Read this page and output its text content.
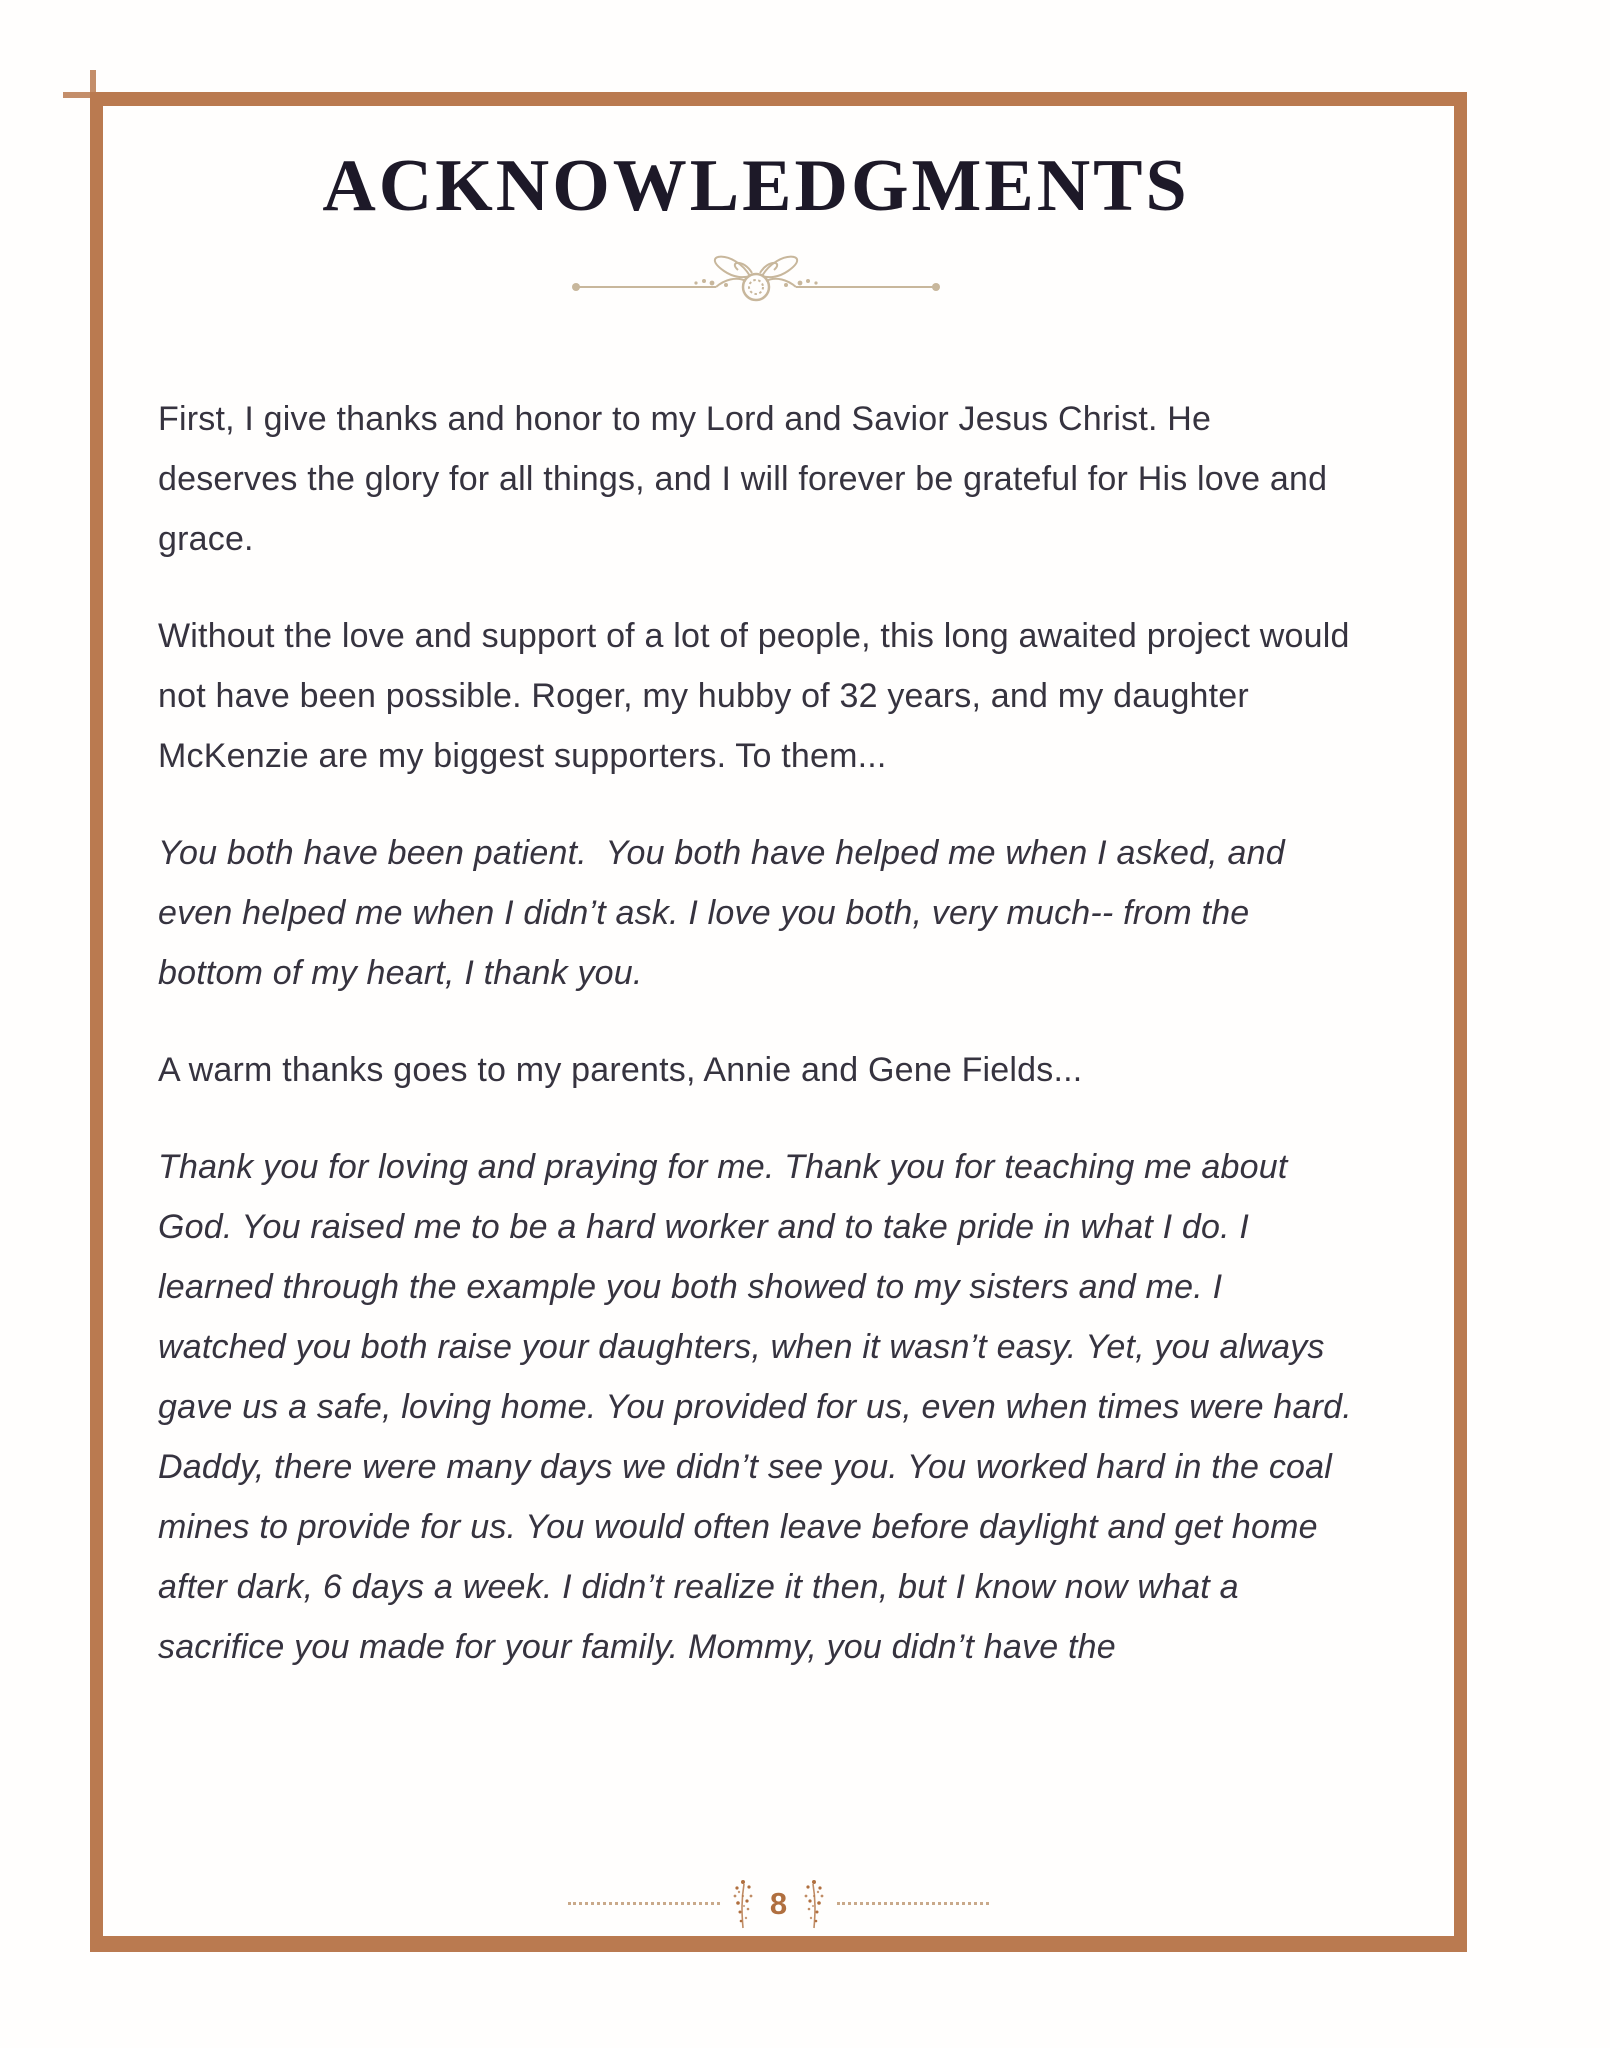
ACKNOWLEDGMENTS

First, I give thanks and honor to my Lord and Savior Jesus Christ. He deserves the glory for all things, and I will forever be grateful for His love and grace.

Without the love and support of a lot of people, this long awaited project would not have been possible. Roger, my hubby of 32 years, and my daughter McKenzie are my biggest supporters. To them...

You both have been patient.  You both have helped me when I asked, and even helped me when I didn’t ask. I love you both, very much-- from the bottom of my heart, I thank you.

A warm thanks goes to my parents, Annie and Gene Fields...

Thank you for loving and praying for me. Thank you for teaching me about God. You raised me to be a hard worker and to take pride in what I do. I learned through the example you both showed to my sisters and me. I watched you both raise your daughters, when it wasn’t easy. Yet, you always gave us a safe, loving home. You provided for us, even when times were hard. Daddy, there were many days we didn’t see you. You worked hard in the coal mines to provide for us. You would often leave before daylight and get home after dark, 6 days a week. I didn’t realize it then, but I know now what a sacrifice you made for your family. Mommy, you didn’t have the

8
